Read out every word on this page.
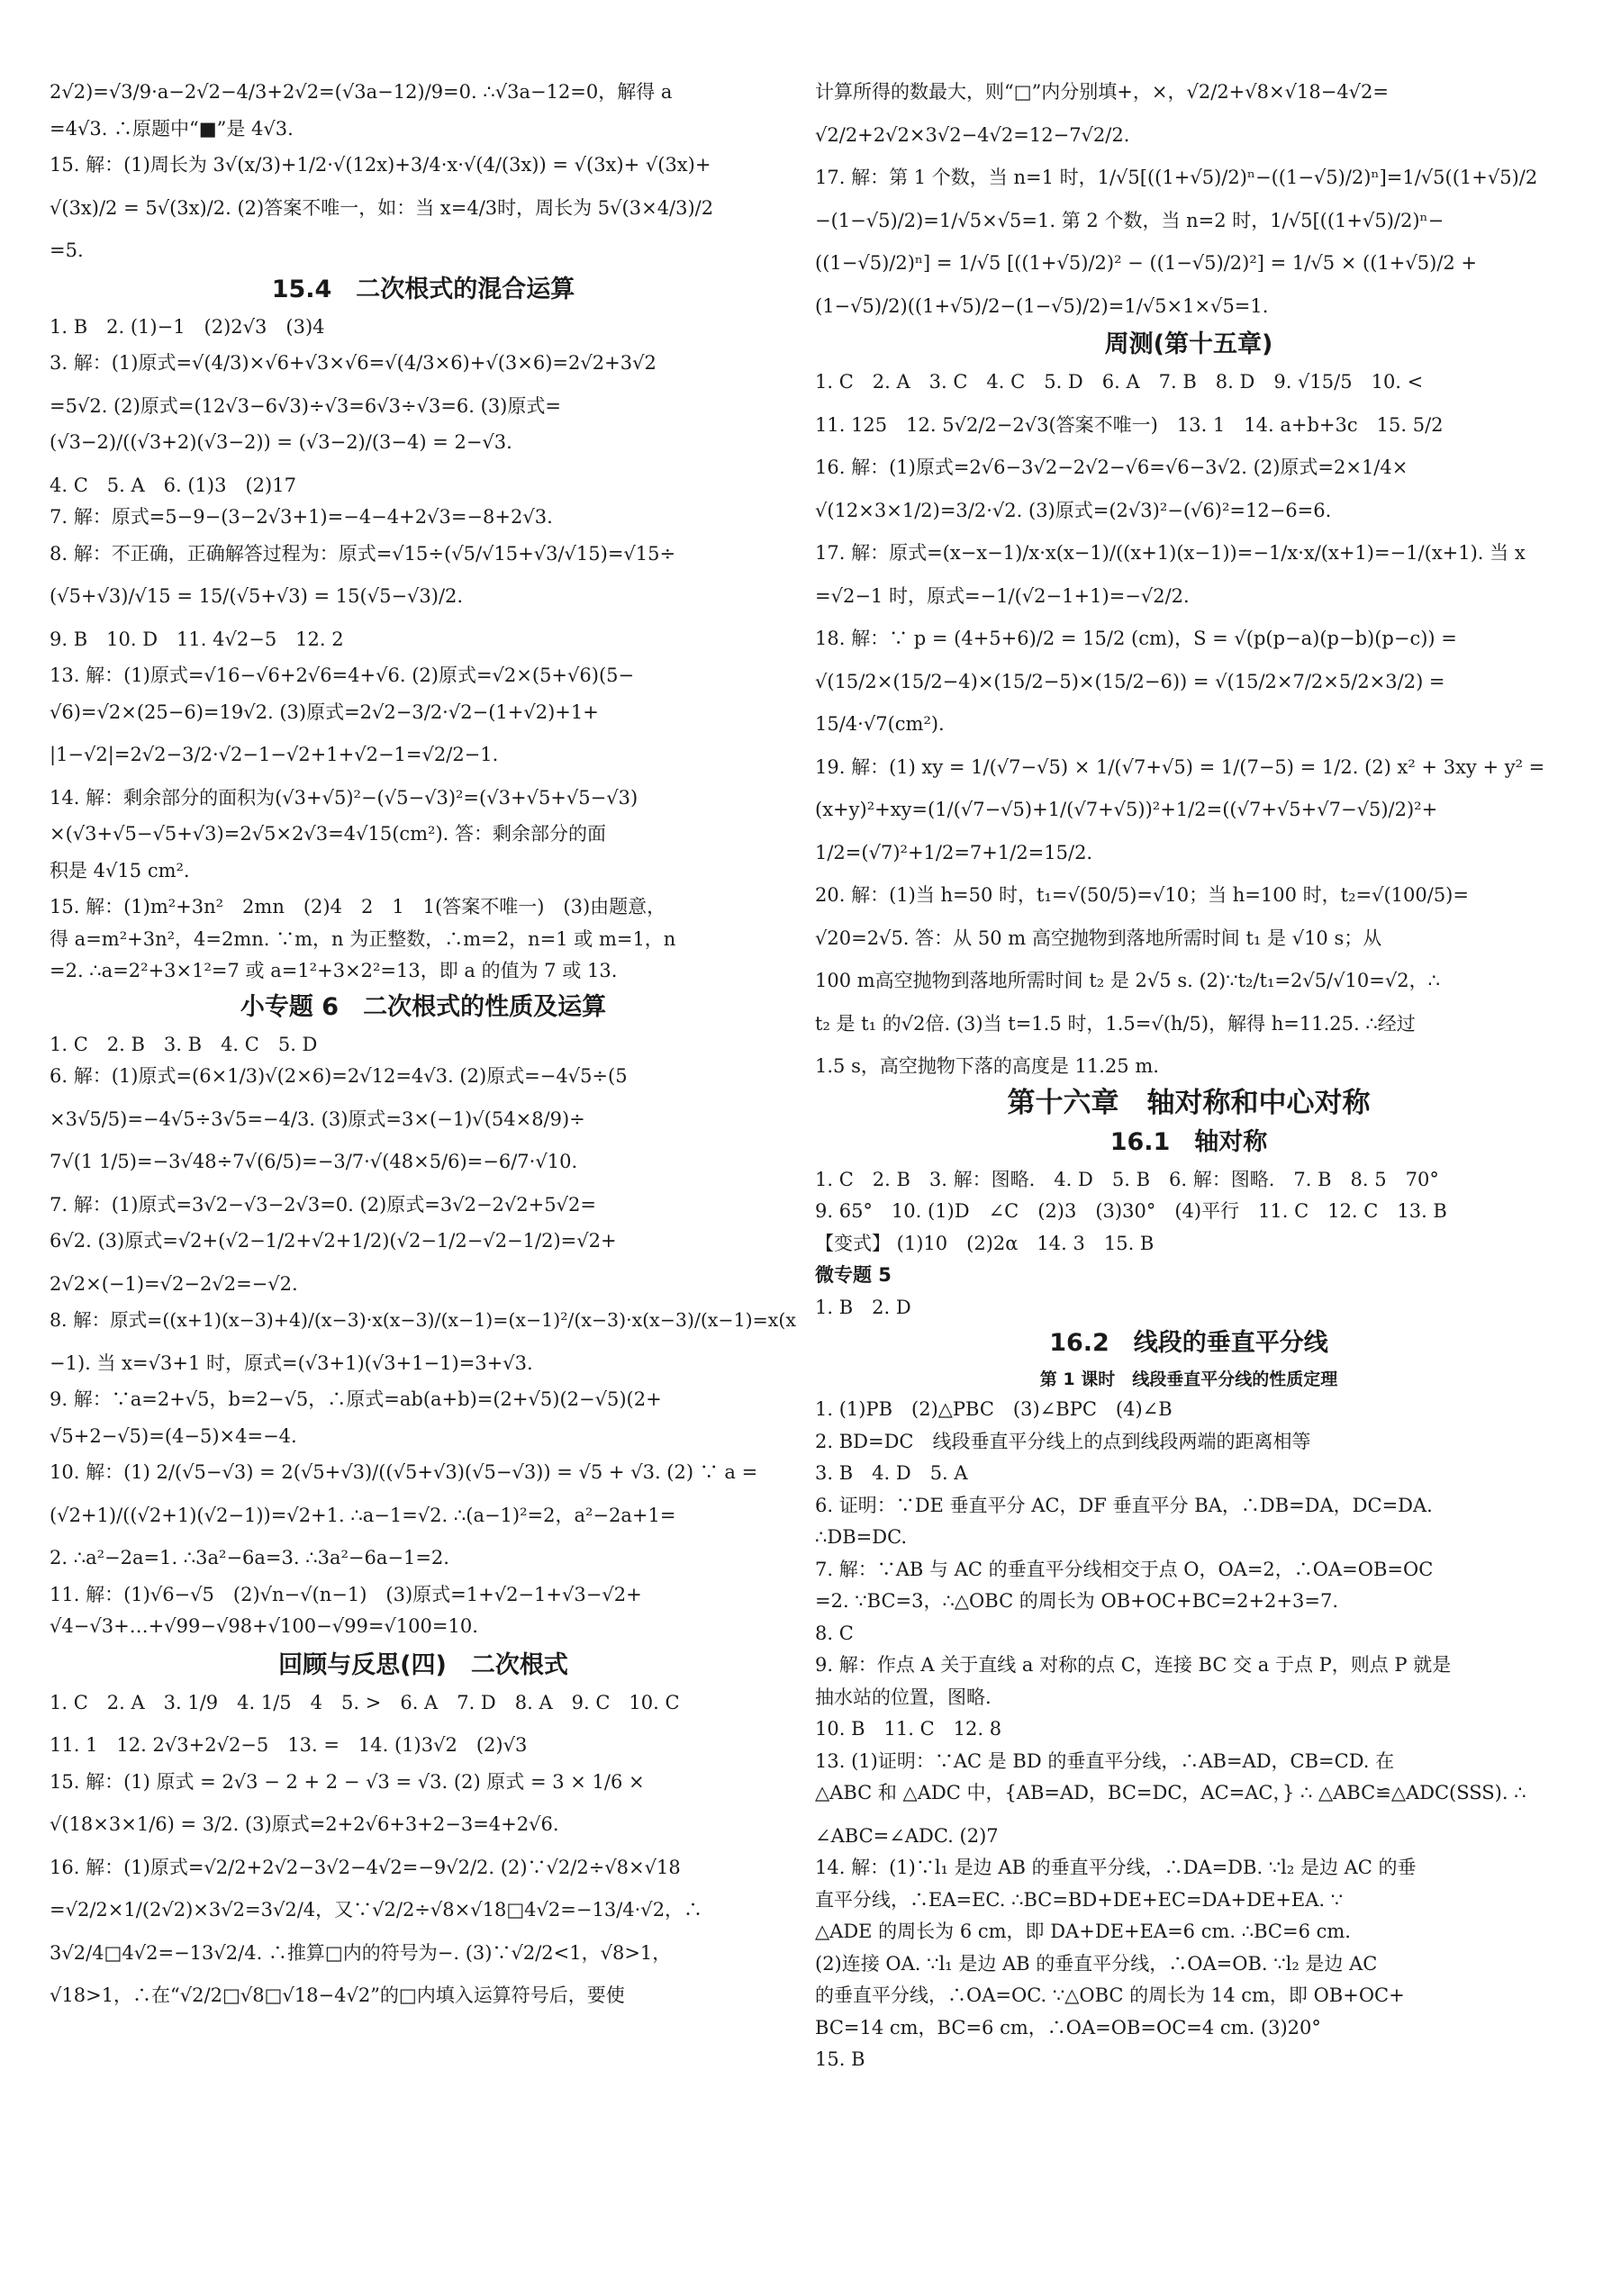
2√2)=√3/9·a−2√2−4/3+2√2=(√3a−12)/9=0. ∴√3a−12=0，解得 a
=4√3. ∴原题中“■”是 4√3.
15. 解：(1)周长为 3√(x/3)+1/2·√(12x)+3/4·x·√(4/(3x)) = √(3x)+ √(3x)+
√(3x)/2 = 5√(3x)/2. (2)答案不唯一，如：当 x=4/3时，周长为 5√(3×4/3)/2
=5.
15.4　二次根式的混合运算
1. B　2. (1)−1　(2)2√3　(3)4
3. 解：(1)原式=√(4/3)×√6+√3×√6=√(4/3×6)+√(3×6)=2√2+3√2
=5√2. (2)原式=(12√3−6√3)÷√3=6√3÷√3=6. (3)原式=
(√3−2)/((√3+2)(√3−2)) = (√3−2)/(3−4) = 2−√3.
4. C　5. A　6. (1)3　(2)17
7. 解：原式=5−9−(3−2√3+1)=−4−4+2√3=−8+2√3.
8. 解：不正确，正确解答过程为：原式=√15÷(√5/√15+√3/√15)=√15÷
(√5+√3)/√15 = 15/(√5+√3) = 15(√5−√3)/2.
9. B　10. D　11. 4√2−5　12. 2
13. 解：(1)原式=√16−√6+2√6=4+√6. (2)原式=√2×(5+√6)(5−
√6)=√2×(25−6)=19√2. (3)原式=2√2−3/2·√2−(1+√2)+1+
|1−√2|=2√2−3/2·√2−1−√2+1+√2−1=√2/2−1.
14. 解：剩余部分的面积为(√3+√5)²−(√5−√3)²=(√3+√5+√5−√3)
×(√3+√5−√5+√3)=2√5×2√3=4√15(cm²). 答：剩余部分的面
积是 4√15 cm².
15. 解：(1)m²+3n²　2mn　(2)4　2　1　1(答案不唯一)　(3)由题意，
得 a=m²+3n²，4=2mn. ∵m，n 为正整数，∴m=2，n=1 或 m=1，n
=2. ∴a=2²+3×1²=7 或 a=1²+3×2²=13，即 a 的值为 7 或 13.
小专题 6　二次根式的性质及运算
1. C　2. B　3. B　4. C　5. D
6. 解：(1)原式=(6×1/3)√(2×6)=2√12=4√3. (2)原式=−4√5÷(5
×3√5/5)=−4√5÷3√5=−4/3. (3)原式=3×(−1)√(54×8/9)÷
7√(1 1/5)=−3√48÷7√(6/5)=−3/7·√(48×5/6)=−6/7·√10.
7. 解：(1)原式=3√2−√3−2√3=0. (2)原式=3√2−2√2+5√2=
6√2. (3)原式=√2+(√2−1/2+√2+1/2)(√2−1/2−√2−1/2)=√2+
2√2×(−1)=√2−2√2=−√2.
8. 解：原式=((x+1)(x−3)+4)/(x−3)·x(x−3)/(x−1)=(x−1)²/(x−3)·x(x−3)/(x−1)=x(x
−1). 当 x=√3+1 时，原式=(√3+1)(√3+1−1)=3+√3.
9. 解：∵a=2+√5，b=2−√5，∴原式=ab(a+b)=(2+√5)(2−√5)(2+
√5+2−√5)=(4−5)×4=−4.
10. 解：(1) 2/(√5−√3) = 2(√5+√3)/((√5+√3)(√5−√3)) = √5 + √3. (2) ∵ a =
(√2+1)/((√2+1)(√2−1))=√2+1. ∴a−1=√2. ∴(a−1)²=2，a²−2a+1=
2. ∴a²−2a=1. ∴3a²−6a=3. ∴3a²−6a−1=2.
11. 解：(1)√6−√5　(2)√n−√(n−1)　(3)原式=1+√2−1+√3−√2+
√4−√3+…+√99−√98+√100−√99=√100=10.
回顾与反思(四)　二次根式
1. C　2. A　3. 1/9　4. 1/5　4　5. >　6. A　7. D　8. A　9. C　10. C
11. 1　12. 2√3+2√2−5　13. =　14. (1)3√2　(2)√3
15. 解：(1) 原式 = 2√3 − 2 + 2 − √3 = √3. (2) 原式 = 3 × 1/6 ×
√(18×3×1/6) = 3/2. (3)原式=2+2√6+3+2−3=4+2√6.
16. 解：(1)原式=√2/2+2√2−3√2−4√2=−9√2/2. (2)∵√2/2÷√8×√18
=√2/2×1/(2√2)×3√2=3√2/4，又∵√2/2÷√8×√18□4√2=−13/4·√2，∴
3√2/4□4√2=−13√2/4. ∴推算□内的符号为−. (3)∵√2/2<1，√8>1，
√18>1，∴在“√2/2□√8□√18−4√2”的□内填入运算符号后，要使
计算所得的数最大，则“□”内分别填+，×，√2/2+√8×√18−4√2=
√2/2+2√2×3√2−4√2=12−7√2/2.
17. 解：第 1 个数，当 n=1 时，1/√5[((1+√5)/2)ⁿ−((1−√5)/2)ⁿ]=1/√5((1+√5)/2
−(1−√5)/2)=1/√5×√5=1. 第 2 个数，当 n=2 时，1/√5[((1+√5)/2)ⁿ−
((1−√5)/2)ⁿ] = 1/√5 [((1+√5)/2)² − ((1−√5)/2)²] = 1/√5 × ((1+√5)/2 +
(1−√5)/2)((1+√5)/2−(1−√5)/2)=1/√5×1×√5=1.
周测(第十五章)
1. C　2. A　3. C　4. C　5. D　6. A　7. B　8. D　9. √15/5　10. <
11. 125　12. 5√2/2−2√3(答案不唯一)　13. 1　14. a+b+3c　15. 5/2
16. 解：(1)原式=2√6−3√2−2√2−√6=√6−3√2. (2)原式=2×1/4×
√(12×3×1/2)=3/2·√2. (3)原式=(2√3)²−(√6)²=12−6=6.
17. 解：原式=(x−x−1)/x·x(x−1)/((x+1)(x−1))=−1/x·x/(x+1)=−1/(x+1). 当 x
=√2−1 时，原式=−1/(√2−1+1)=−√2/2.
18. 解：∵ p = (4+5+6)/2 = 15/2 (cm)，S = √(p(p−a)(p−b)(p−c)) =
√(15/2×(15/2−4)×(15/2−5)×(15/2−6)) = √(15/2×7/2×5/2×3/2) =
15/4·√7(cm²).
19. 解：(1) xy = 1/(√7−√5) × 1/(√7+√5) = 1/(7−5) = 1/2. (2) x² + 3xy + y² =
(x+y)²+xy=(1/(√7−√5)+1/(√7+√5))²+1/2=((√7+√5+√7−√5)/2)²+
1/2=(√7)²+1/2=7+1/2=15/2.
20. 解：(1)当 h=50 时，t₁=√(50/5)=√10；当 h=100 时，t₂=√(100/5)=
√20=2√5. 答：从 50 m 高空抛物到落地所需时间 t₁ 是 √10 s；从
100 m高空抛物到落地所需时间 t₂ 是 2√5 s. (2)∵t₂/t₁=2√5/√10=√2，∴
t₂ 是 t₁ 的√2倍. (3)当 t=1.5 时，1.5=√(h/5)，解得 h=11.25. ∴经过
1.5 s，高空抛物下落的高度是 11.25 m.
第十六章　轴对称和中心对称
16.1　轴对称
1. C　2. B　3. 解：图略.　4. D　5. B　6. 解：图略.　7. B　8. 5　70°
9. 65°　10. (1)D　∠C　(2)3　(3)30°　(4)平行　11. C　12. C　13. B
【变式】 (1)10　(2)2α　14. 3　15. B
微专题 5
1. B　2. D
16.2　线段的垂直平分线
第 1 课时　线段垂直平分线的性质定理
1. (1)PB　(2)△PBC　(3)∠BPC　(4)∠B
2. BD=DC　线段垂直平分线上的点到线段两端的距离相等
3. B　4. D　5. A
6. 证明：∵DE 垂直平分 AC，DF 垂直平分 BA，∴DB=DA，DC=DA.
∴DB=DC.
7. 解：∵AB 与 AC 的垂直平分线相交于点 O，OA=2，∴OA=OB=OC
=2. ∵BC=3，∴△OBC 的周长为 OB+OC+BC=2+2+3=7.
8. C
9. 解：作点 A 关于直线 a 对称的点 C，连接 BC 交 a 于点 P，则点 P 就是
抽水站的位置，图略.
10. B　11. C　12. 8
13. (1)证明：∵AC 是 BD 的垂直平分线，∴AB=AD，CB=CD. 在
△ABC 和 △ADC 中，{AB=AD，BC=DC，AC=AC，} ∴ △ABC≌△ADC(SSS). ∴
∠ABC=∠ADC. (2)7
14. 解：(1)∵l₁ 是边 AB 的垂直平分线，∴DA=DB. ∵l₂ 是边 AC 的垂
直平分线，∴EA=EC. ∴BC=BD+DE+EC=DA+DE+EA. ∵
△ADE 的周长为 6 cm，即 DA+DE+EA=6 cm. ∴BC=6 cm.
(2)连接 OA. ∵l₁ 是边 AB 的垂直平分线，∴OA=OB. ∵l₂ 是边 AC
的垂直平分线，∴OA=OC. ∵△OBC 的周长为 14 cm，即 OB+OC+
BC=14 cm，BC=6 cm，∴OA=OB=OC=4 cm. (3)20°
15. B
